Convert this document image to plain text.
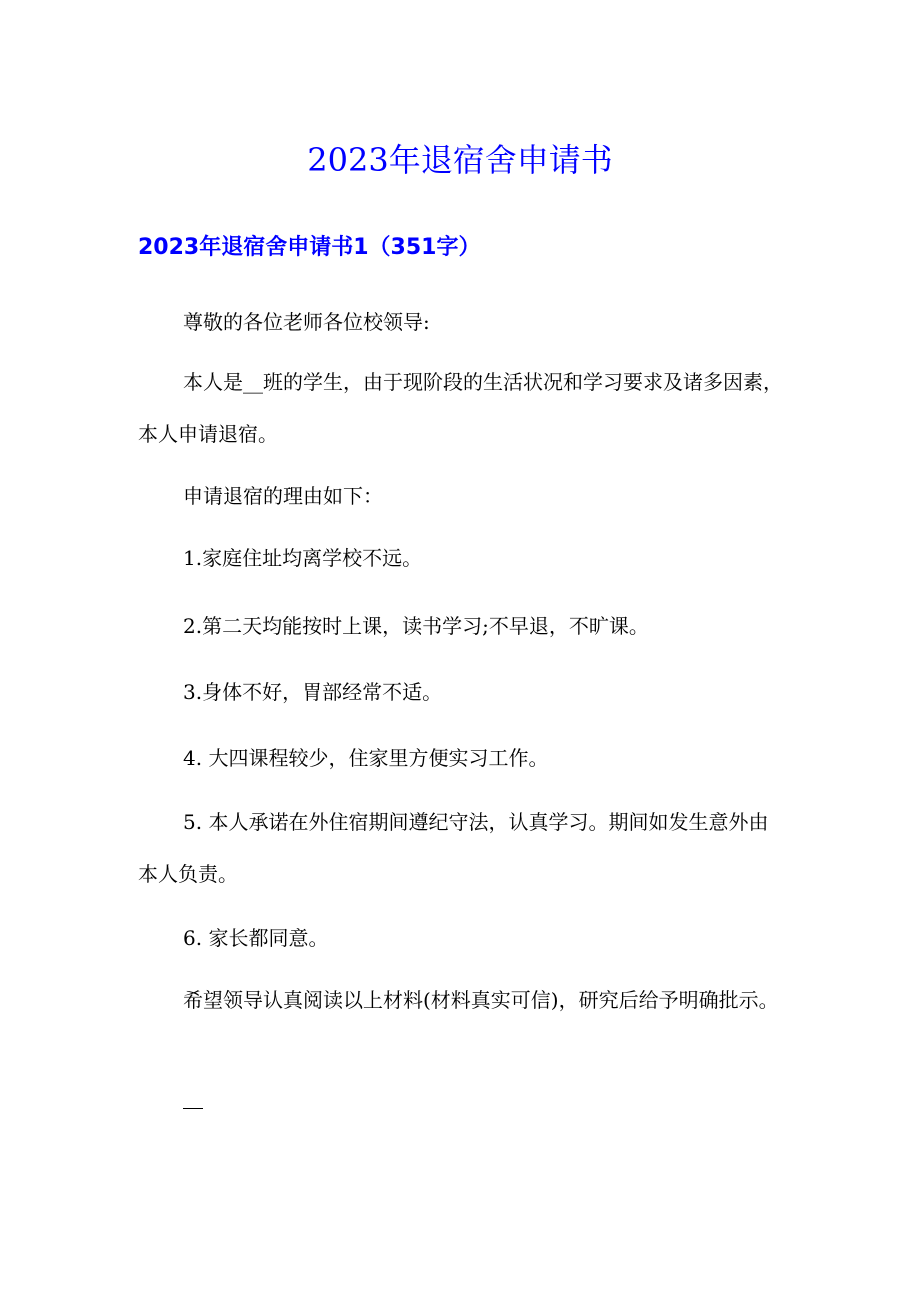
2023年退宿舍申请书
2023年退宿舍申请书1（351字）

尊敬的各位老师各位校领导:

本人是__班的学生，由于现阶段的生活状况和学习要求及诸多因素，本人申请退宿。

申请退宿的理由如下：

1.家庭住址均离学校不远。

2.第二天均能按时上课，读书学习;不早退，不旷课。

3.身体不好，胃部经常不适。

4. 大四课程较少，住家里方便实习工作。

5. 本人承诺在外住宿期间遵纪守法，认真学习。期间如发生意外由本人负责。

6. 家长都同意。

希望领导认真阅读以上材料(材料真实可信)，研究后给予明确批示。
